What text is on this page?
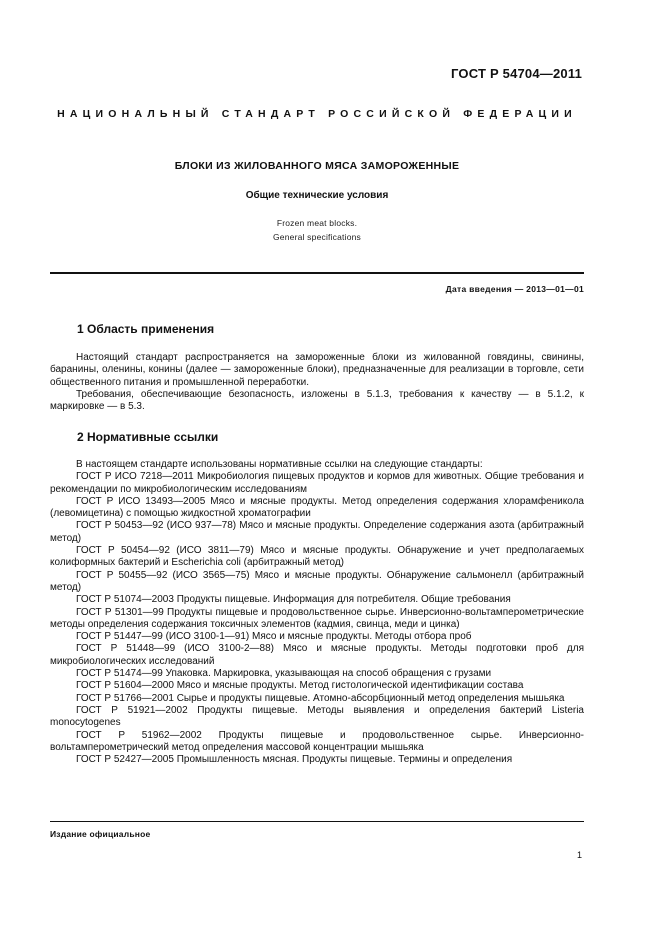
ГОСТ Р 54704—2011
НАЦИОНАЛЬНЫЙ СТАНДАРТ РОССИЙСКОЙ ФЕДЕРАЦИИ
БЛОКИ ИЗ ЖИЛОВАННОГО МЯСА ЗАМОРОЖЕННЫЕ
Общие технические условия
Frozen meat blocks.
General specifications
Дата введения — 2013—01—01
1 Область применения

Настоящий стандарт распространяется на замороженные блоки из жилованной говядины, свинины, баранины, оленины, конины (далее — замороженные блоки), предназначенные для реализации в торговле, сети общественного питания и промышленной переработки.

Требования, обеспечивающие безопасность, изложены в 5.1.3, требования к качеству — в 5.1.2, к маркировке — в 5.3.

2 Нормативные ссылки

В настоящем стандарте использованы нормативные ссылки на следующие стандарты:

ГОСТ Р ИСО 7218—2011 Микробиология пищевых продуктов и кормов для животных. Общие требования и рекомендации по микробиологическим исследованиям

ГОСТ Р ИСО 13493—2005 Мясо и мясные продукты. Метод определения содержания хлорамфеникола (левомицетина) с помощью жидкостной хроматографии

ГОСТ Р 50453—92 (ИСО 937—78) Мясо и мясные продукты. Определение содержания азота (арбитражный метод)

ГОСТ Р 50454—92 (ИСО 3811—79) Мясо и мясные продукты. Обнаружение и учет предполагаемых колиформных бактерий и Escherichia coli (арбитражный метод)

ГОСТ Р 50455—92 (ИСО 3565—75) Мясо и мясные продукты. Обнаружение сальмонелл (арбитражный метод)

ГОСТ Р 51074—2003 Продукты пищевые. Информация для потребителя. Общие требования

ГОСТ Р 51301—99 Продукты пищевые и продовольственное сырье. Инверсионно-вольтамперометрические методы определения содержания токсичных элементов (кадмия, свинца, меди и цинка)

ГОСТ Р 51447—99 (ИСО 3100-1—91) Мясо и мясные продукты. Методы отбора проб

ГОСТ Р 51448—99 (ИСО 3100-2—88) Мясо и мясные продукты. Методы подготовки проб для микробиологических исследований

ГОСТ Р 51474—99 Упаковка. Маркировка, указывающая на способ обращения с грузами

ГОСТ Р 51604—2000 Мясо и мясные продукты. Метод гистологической идентификации состава

ГОСТ Р 51766—2001 Сырье и продукты пищевые. Атомно-абсорбционный метод определения мышьяка

ГОСТ Р 51921—2002 Продукты пищевые. Методы выявления и определения бактерий Listeria monocytogenes

ГОСТ Р 51962—2002 Продукты пищевые и продовольственное сырье. Инверсионно-вольтамперометрический метод определения массовой концентрации мышьяка

ГОСТ Р 52427—2005 Промышленность мясная. Продукты пищевые. Термины и определения

Издание официальное
1
